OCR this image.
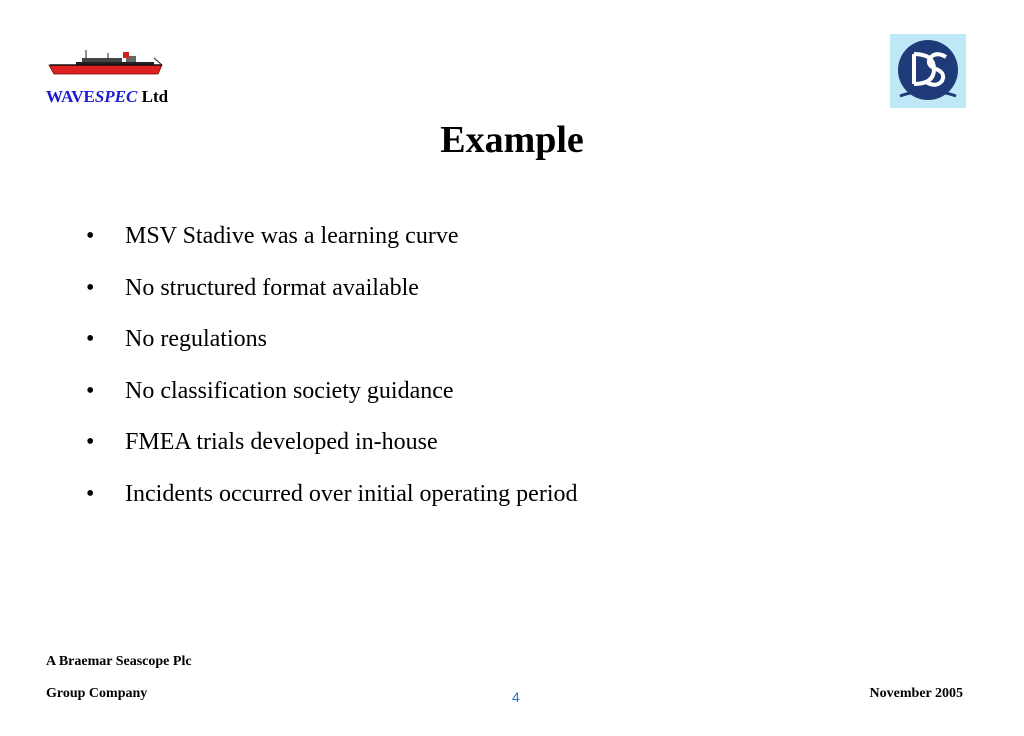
WAVESPEC Ltd
Example
• MSV Stadive was a learning curve
• No structured format available
• No regulations
• No classification society guidance
• FMEA trials developed in-house
• Incidents occurred over initial operating period
A Braemar Seascope Plc
Group Company	4	November 2005
